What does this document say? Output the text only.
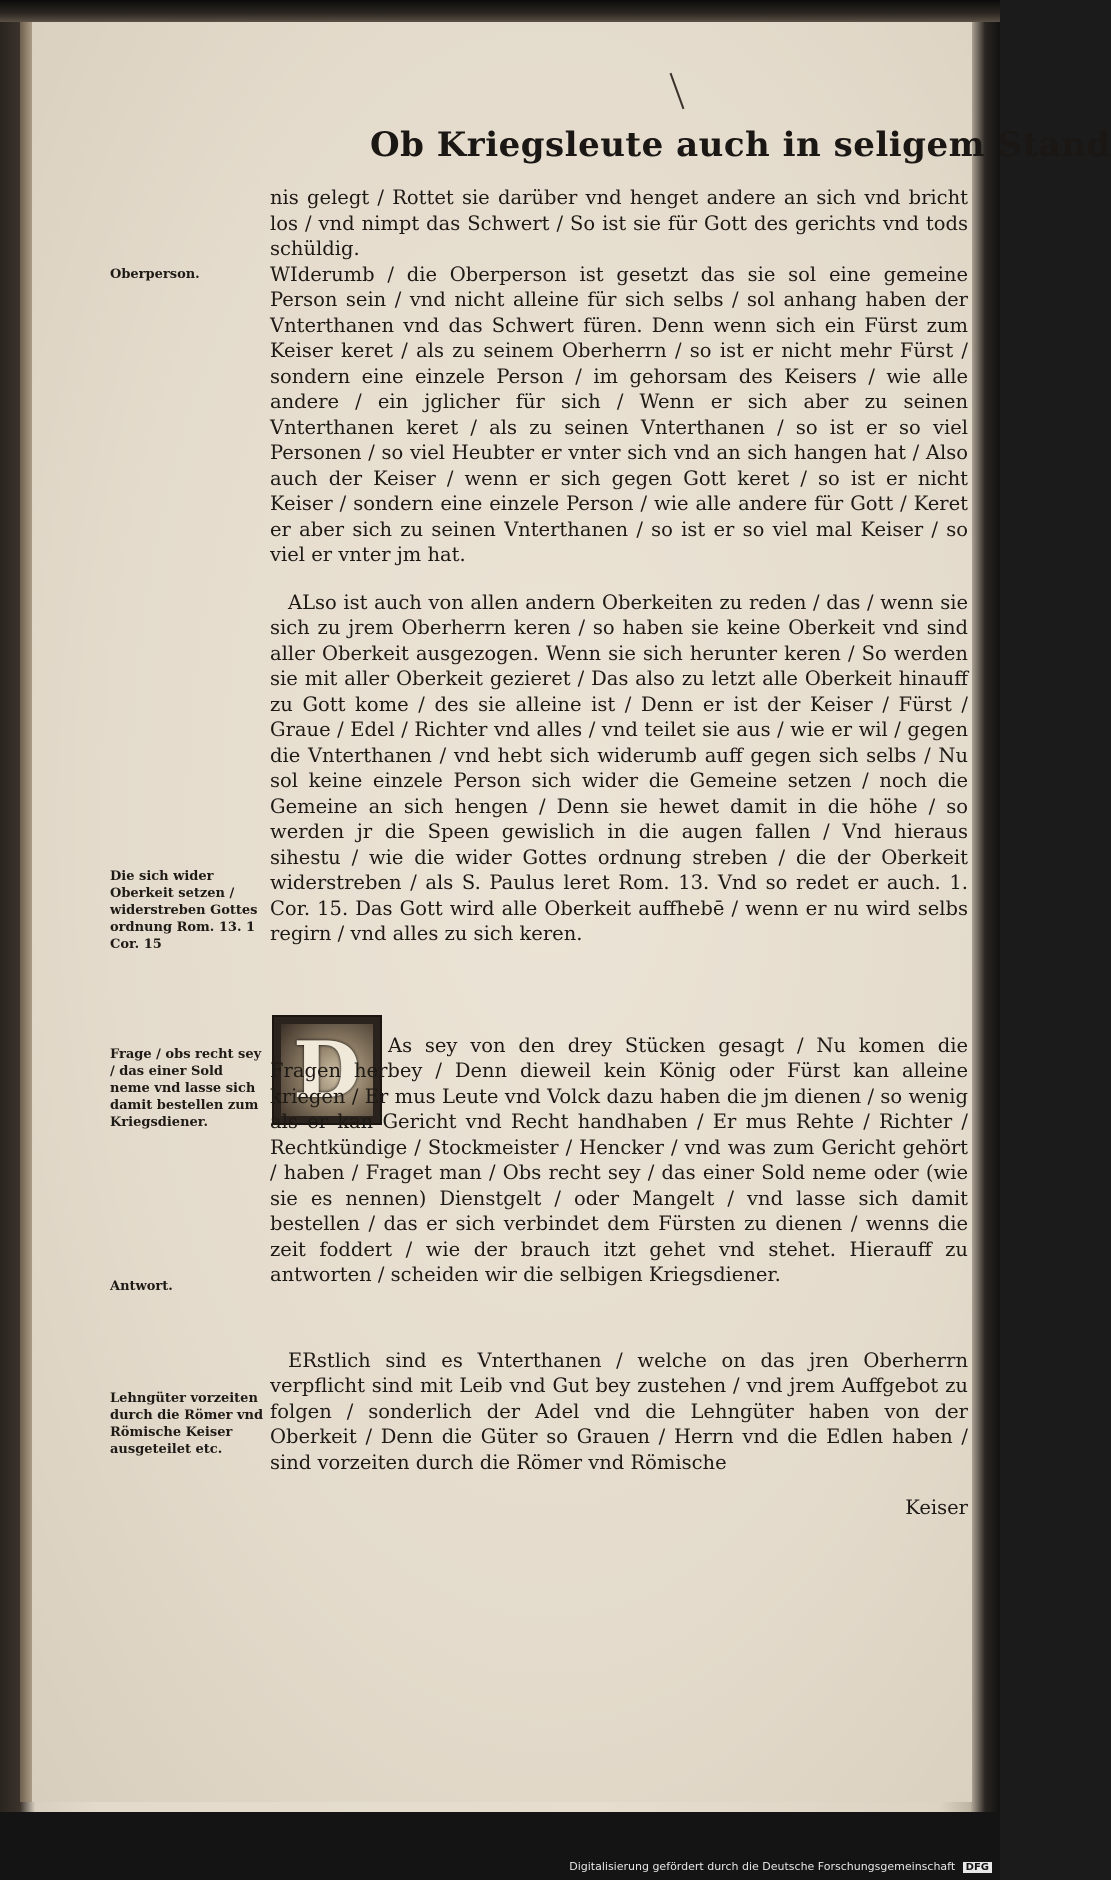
Ob Kriegsleute auch in seligem Stand

nis gelegt / Rottet sie darüber vnd henget andere an sich vnd bricht los / vnd nimpt das Schwert / So ist sie für Gott des gerichts vnd tods schüldig.

WIderumb / die Oberperson ist gesetzt das sie sol eine gemeine Person sein / vnd nicht alleine für sich selbs / sol anhang haben der Vnterthanen vnd das Schwert füren. Denn wenn sich ein Fürst zum Keiser keret / als zu seinem Oberherrn / so ist er nicht mehr Fürst / sondern eine einzele Person / im gehorsam des Keisers / wie alle andere / ein jglicher für sich / Wenn er sich aber zu seinen Vnterthanen keret / als zu seinen Vnterthanen / so ist er so viel Personen / so viel Heubter er vnter sich vnd an sich hangen hat / Also auch der Keiser / wenn er sich gegen Gott keret / so ist er nicht Keiser / sondern eine einzele Person / wie alle andere für Gott / Keret er aber sich zu seinen Vnterthanen / so ist er so viel mal Keiser / so viel er vnter jm hat.

ALso ist auch von allen andern Oberkeiten zu reden / das / wenn sie sich zu jrem Oberherrn keren / so haben sie keine Oberkeit vnd sind aller Oberkeit ausgezogen. Wenn sie sich herunter keren / So werden sie mit aller Oberkeit gezieret / Das also zu letzt alle Oberkeit hinauff zu Gott kome / des sie alleine ist / Denn er ist der Keiser / Fürst / Graue / Edel / Richter vnd alles / vnd teilet sie aus / wie er wil / gegen die Vnterthanen / vnd hebt sich widerumb auff gegen sich selbs / Nu sol keine einzele Person sich wider die Gemeine setzen / noch die Gemeine an sich hengen / Denn sie hewet damit in die höhe / so werden jr die Speen gewislich in die augen fallen / Vnd hieraus sihestu / wie die wider Gottes ordnung streben / die der Oberkeit widerstreben / als S. Paulus leret Rom. 13. Vnd so redet er auch. 1. Cor. 15. Das Gott wird alle Oberkeit auffhebē / wenn er nu wird selbs regirn / vnd alles zu sich keren.

D	As sey von den drey Stücken gesagt / Nu komen die Fragen herbey / Denn dieweil kein König oder Fürst kan alleine kriegen / Er mus Leute vnd Volck dazu haben die jm dienen / so wenig als er kan Gericht vnd Recht handhaben / Er mus Rehte / Richter / Rechtkündige / Stockmeister / Hencker / vnd was zum Gericht gehört / haben / Fraget man / Obs recht sey / das einer Sold neme oder (wie sie es nennen) Dienstgelt / oder Mangelt / vnd lasse sich damit bestellen / das er sich verbindet dem Fürsten zu dienen / wenns die zeit foddert / wie der brauch itzt gehet vnd stehet. Hierauff zu antworten / scheiden wir die selbigen Kriegsdiener.

ERstlich sind es Vnterthanen / welche on das jren Oberherrn verpflicht sind mit Leib vnd Gut bey zustehen / vnd jrem Auffgebot zu folgen / sonderlich der Adel vnd die Lehngüter haben von der Oberkeit / Denn die Güter so Grauen / Herrn vnd die Edlen haben / sind vorzeiten durch die Römer vnd Römische

Keiser

Oberperson.
Die sich wider Oberkeit setzen / widerstreben Gottes ordnung Rom. 13. 1 Cor. 15
Frage / obs recht sey / das einer Sold neme vnd lasse sich damit bestellen zum Kriegsdiener.
Antwort.
Lehngüter vorzeiten durch die Römer vnd Römische Keiser ausgeteilet etc.
Digitalisierung gefördert durch die Deutsche Forschungsgemeinschaft DFG
